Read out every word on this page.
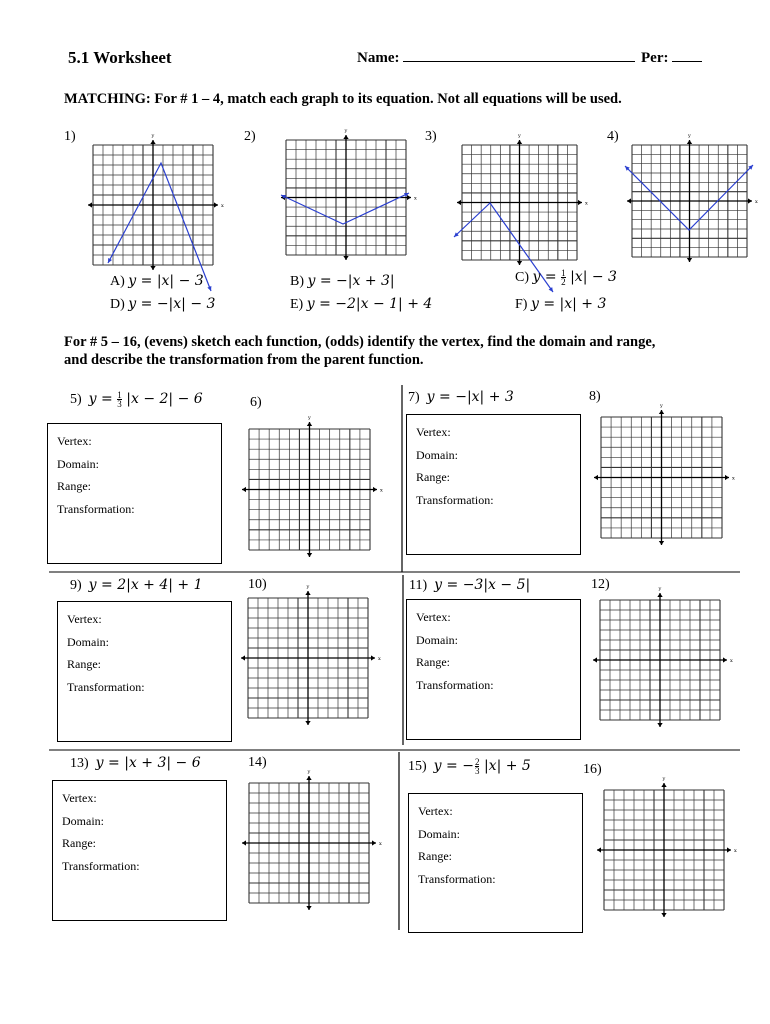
5.1 Worksheet	Name:	Per:
MATCHING: For # 1 – 4, match each graph to its equation. Not all equations will be used.
1)	2)	3)	4)
x
y
x
y
x
y
x
y
A) y = |x| − 3	B) y = −|x + 3|	C) $y = \frac{1}{2} |x| - 3$
D) y = −|x| − 3	E) y = −2|x − 1| + 4	F) y = |x| + 3
For # 5 – 16, (evens) sketch each function, (odds) identify the vertex, find the domain and range,
and describe the transformation from the parent function.
5) $y = \frac{1}{3} |x - 2| - 6$
Vertex:
Domain:
Range:
Transformation:
6)
x
y
7) y = −|x| + 3
Vertex:
Domain:
Range:
Transformation:
8)
x
y
9) y = 2|x + 4| + 1
Vertex:
Domain:
Range:
Transformation:
10)
x
y	11) y = −3|x − 5|
Vertex:
Domain:
Range:
Transformation:
12)
x
y
13) y = |x + 3| − 6
Vertex:
Domain:
Range:
Transformation:
14)
x
y	15) y = − $\frac{2}{3} |x| + 5$
Vertex:
Domain:
Range:
Transformation:
16)
x
y
